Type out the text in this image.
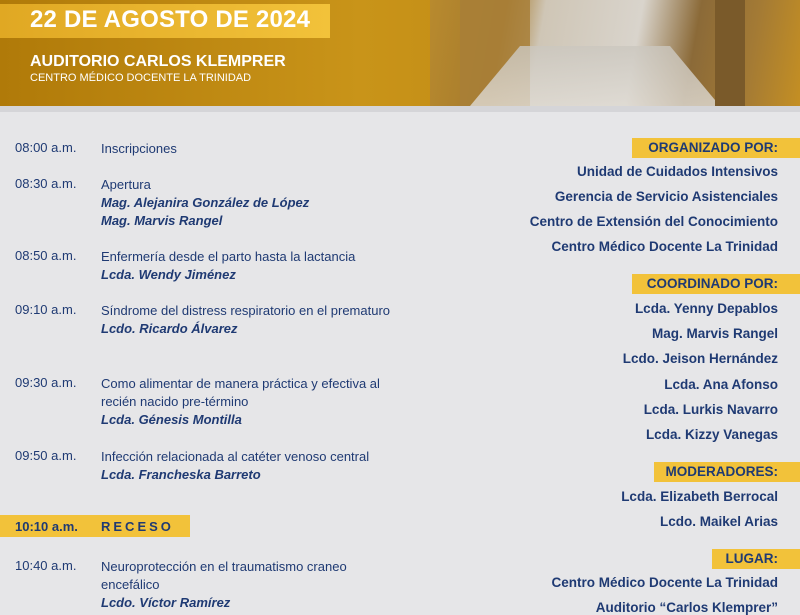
22 DE AGOSTO DE 2024
AUDITORIO CARLOS KLEMPRER
CENTRO MÉDICO DOCENTE LA TRINIDAD
08:00 a.m. Inscripciones
08:30 a.m. Apertura
Mag. Alejanira González de López
Mag. Marvis Rangel
08:50 a.m. Enfermería desde el parto hasta la lactancia
Lcda. Wendy Jiménez
09:10 a.m. Síndrome del distress respiratorio en el prematuro
Lcdo. Ricardo Álvarez
09:30 a.m. Como alimentar de manera práctica y efectiva al recién nacido pre-término
Lcda. Génesis Montilla
09:50 a.m. Infección relacionada al catéter venoso central
Lcda. Francheska Barreto
10:10 a.m. RECESO
10:40 a.m. Neuroprotección en el traumatismo craneo encefálico
Lcdo. Víctor Ramírez
ORGANIZADO POR:
Unidad de Cuidados Intensivos
Gerencia de Servicio Asistenciales
Centro de Extensión del Conocimiento
Centro Médico Docente La Trinidad
COORDINADO POR:
Lcda. Yenny Depablos
Mag. Marvis Rangel
Lcdo. Jeison Hernández
Lcda. Ana Afonso
Lcda. Lurkis Navarro
Lcda. Kizzy Vanegas
MODERADORES:
Lcda. Elizabeth Berrocal
Lcdo. Maikel Arias
LUGAR:
Centro Médico Docente La Trinidad
Auditorio “Carlos Klemprer”
